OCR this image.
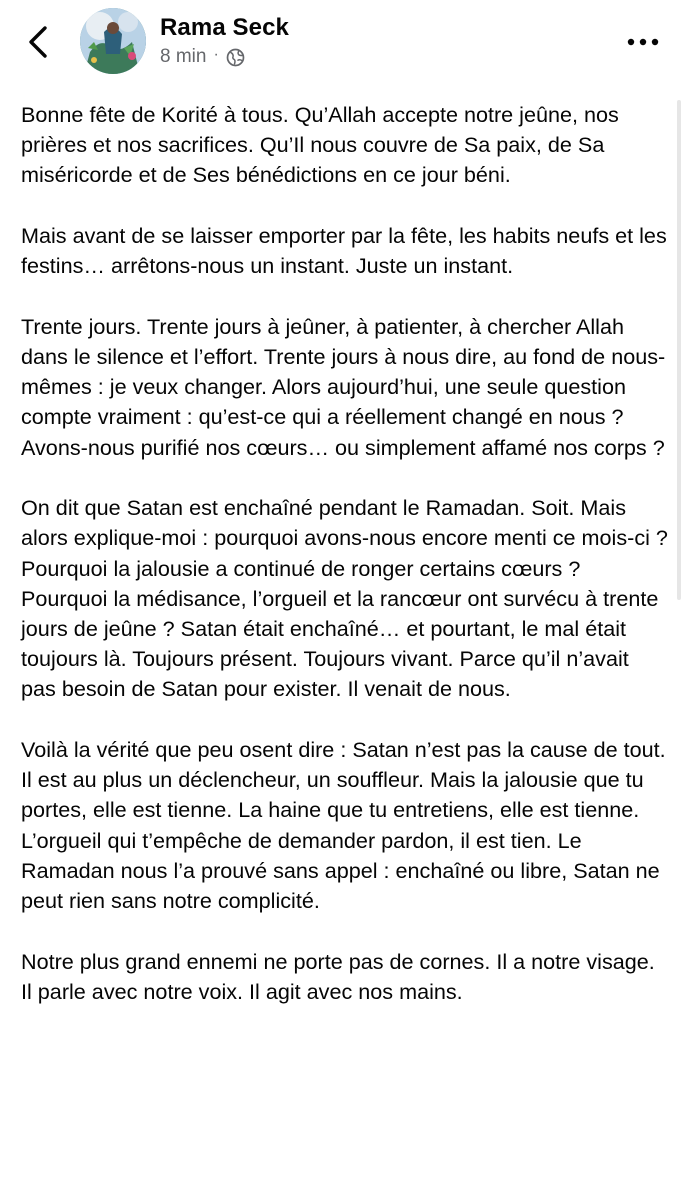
Rama Seck
8 min ·

Bonne fête de Korité à tous. Qu’Allah accepte notre jeûne, nos prières et nos sacrifices. Qu’Il nous couvre de Sa paix, de Sa miséricorde et de Ses bénédictions en ce jour béni.

Mais avant de se laisser emporter par la fête, les habits neufs et les festins… arrêtons-nous un instant. Juste un instant.

Trente jours. Trente jours à jeûner, à patienter, à chercher Allah dans le silence et l’effort. Trente jours à nous dire, au fond de nous-mêmes : je veux changer. Alors aujourd’hui, une seule question compte vraiment : qu’est-ce qui a réellement changé en nous ? Avons-nous purifié nos cœurs… ou simplement affamé nos corps ?

On dit que Satan est enchaîné pendant le Ramadan. Soit. Mais alors explique-moi : pourquoi avons-nous encore menti ce mois-ci ? Pourquoi la jalousie a continué de ronger certains cœurs ? Pourquoi la médisance, l’orgueil et la rancœur ont survécu à trente jours de jeûne ? Satan était enchaîné… et pourtant, le mal était toujours là. Toujours présent. Toujours vivant. Parce qu’il n’avait pas besoin de Satan pour exister. Il venait de nous.

Voilà la vérité que peu osent dire : Satan n’est pas la cause de tout. Il est au plus un déclencheur, un souffleur. Mais la jalousie que tu portes, elle est tienne. La haine que tu entretiens, elle est tienne. L’orgueil qui t’empêche de demander pardon, il est tien. Le Ramadan nous l’a prouvé sans appel : enchaîné ou libre, Satan ne peut rien sans notre complicité.

Notre plus grand ennemi ne porte pas de cornes. Il a notre visage. Il parle avec notre voix. Il agit avec nos mains.
